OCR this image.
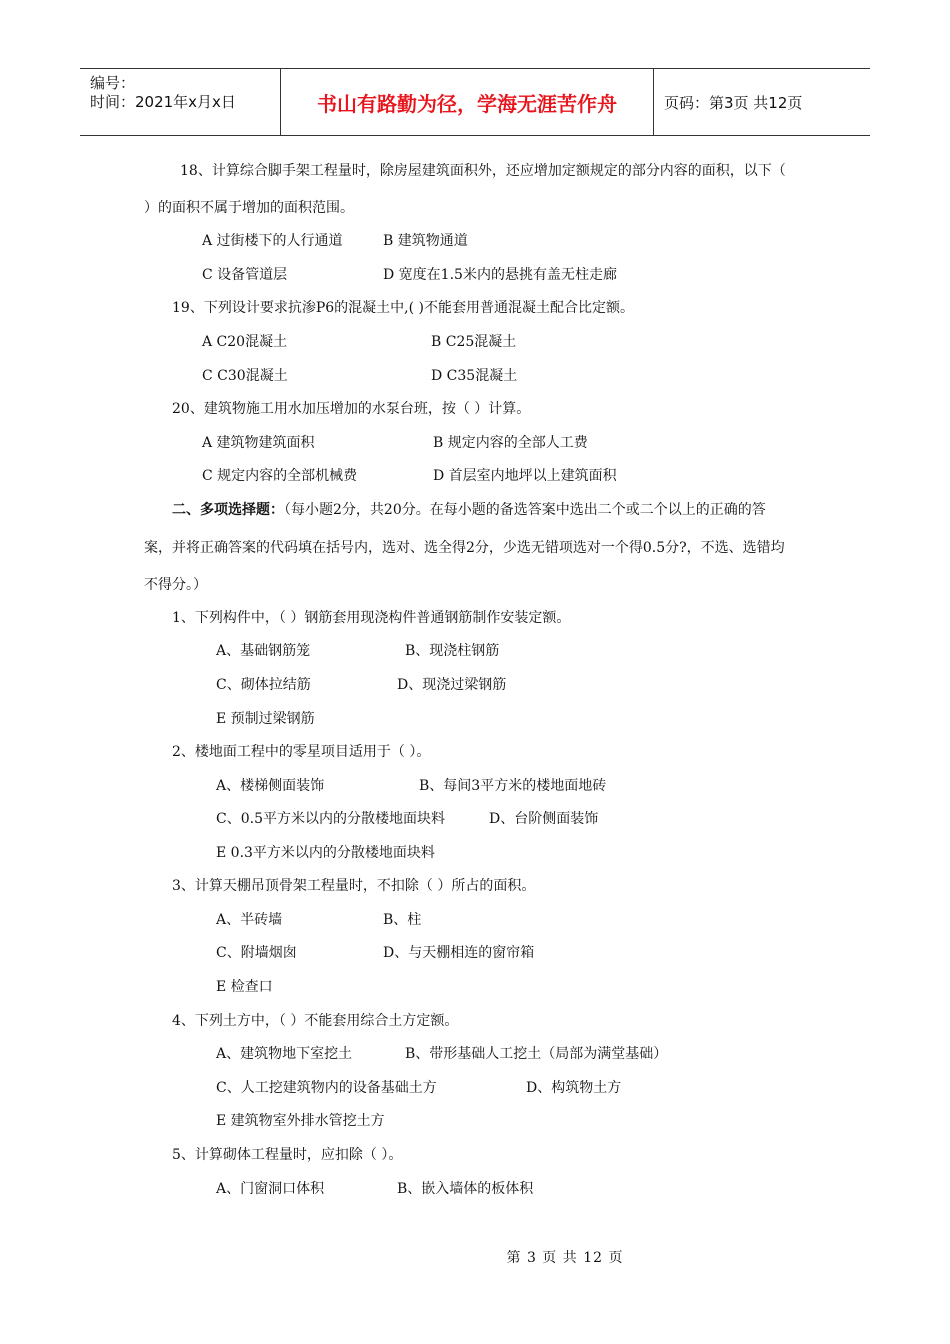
编号：
时间：2021年x月x日	书山有路勤为径，学海无涯苦作舟	页码：第3页 共12页
18、计算综合脚手架工程量时，除房屋建筑面积外，还应增加定额规定的部分内容的面积，以下（
）的面积不属于增加的面积范围。
A 过街楼下的人行通道	B 建筑物通道
C 设备管道层	D 宽度在1.5米内的悬挑有盖无柱走廊
19、下列设计要求抗渗P6的混凝土中,( )不能套用普通混凝土配合比定额。
A C20混凝土	B C25混凝土
C C30混凝土	D C35混凝土
20、建筑物施工用水加压增加的水泵台班，按（ ）计算。
A 建筑物建筑面积	B 规定内容的全部人工费
C 规定内容的全部机械费	D 首层室内地坪以上建筑面积
二、多项选择题：（每小题2分，共20分。在每小题的备选答案中选出二个或二个以上的正确的答
案，并将正确答案的代码填在括号内，选对、选全得2分，少选无错项选对一个得0.5分?，不选、选错均
不得分。）
1、下列构件中，（ ）钢筋套用现浇构件普通钢筋制作安装定额。
A、基础钢筋笼	B、现浇柱钢筋
C、砌体拉结筋	D、现浇过梁钢筋
E 预制过梁钢筋
2、楼地面工程中的零星项目适用于（ ）。
A、楼梯侧面装饰	B、每间3平方米的楼地面地砖
C、0.5平方米以内的分散楼地面块料	D、台阶侧面装饰
E 0.3平方米以内的分散楼地面块料
3、计算天棚吊顶骨架工程量时，不扣除（ ）所占的面积。
A、半砖墙	B、柱
C、附墙烟囱	D、与天棚相连的窗帘箱
E 检查口
4、下列土方中，（ ）不能套用综合土方定额。
A、建筑物地下室挖土	B、带形基础人工挖土（局部为满堂基础）
C、人工挖建筑物内的设备基础土方	D、构筑物土方
E 建筑物室外排水管挖土方
5、计算砌体工程量时，应扣除（ ）。
A、门窗洞口体积	B、嵌入墙体的板体积
第 3 页 共 12 页
